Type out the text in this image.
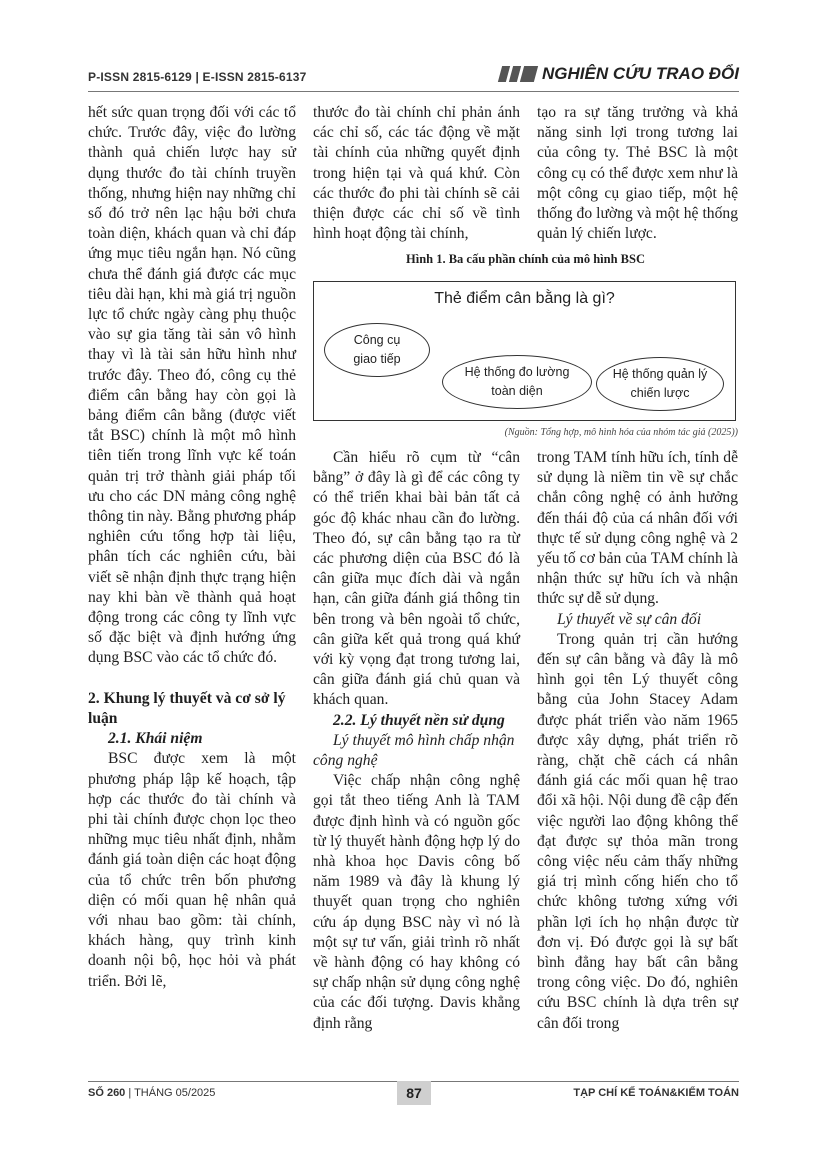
P-ISSN 2815-6129 | E-ISSN 2815-6137	NGHIÊN CỨU TRAO ĐỔI

hết sức quan trọng đối với các tổ chức. Trước đây, việc đo lường thành quả chiến lược hay sử dụng thước đo tài chính truyền thống, nhưng hiện nay những chỉ số đó trở nên lạc hậu bởi chưa toàn diện, khách quan và chỉ đáp ứng mục tiêu ngắn hạn. Nó cũng chưa thể đánh giá được các mục tiêu dài hạn, khi mà giá trị nguồn lực tổ chức ngày càng phụ thuộc vào sự gia tăng tài sản vô hình thay vì là tài sản hữu hình như trước đây. Theo đó, công cụ thẻ điểm cân bằng hay còn gọi là bảng điểm cân bằng (được viết tắt BSC) chính là một mô hình tiên tiến trong lĩnh vực kế toán quản trị trở thành giải pháp tối ưu cho các DN mảng công nghệ thông tin này. Bằng phương pháp nghiên cứu tổng hợp tài liệu, phân tích các nghiên cứu, bài viết sẽ nhận định thực trạng hiện nay khi bàn về thành quả hoạt động trong các công ty lĩnh vực số đặc biệt và định hướng ứng dụng BSC vào các tổ chức đó.

2. Khung lý thuyết và cơ sở lý luận

2.1. Khái niệm

BSC được xem là một phương pháp lập kế hoạch, tập hợp các thước đo tài chính và phi tài chính được chọn lọc theo những mục tiêu nhất định, nhằm đánh giá toàn diện các hoạt động của tổ chức trên bốn phương diện có mối quan hệ nhân quả với nhau bao gồm: tài chính, khách hàng, quy trình kinh doanh nội bộ, học hỏi và phát triển. Bởi lẽ,

thước đo tài chính chỉ phản ánh các chỉ số, các tác động về mặt tài chính của những quyết định trong hiện tại và quá khứ. Còn các thước đo phi tài chính sẽ cải thiện được các chỉ số về tình hình hoạt động tài chính,

tạo ra sự tăng trưởng và khả năng sinh lợi trong tương lai của công ty. Thẻ BSC là một công cụ có thể được xem như là một công cụ giao tiếp, một hệ thống đo lường và một hệ thống quản lý chiến lược.

Hình 1. Ba cấu phần chính của mô hình BSC
Thẻ điểm cân bằng là gì?
Công cụ giao tiếp
Hệ thống đo lường toàn diện
Hệ thống quản lý chiến lược
(Nguồn: Tổng hợp, mô hình hóa của nhóm tác giả (2025))

Cần hiểu rõ cụm từ “cân bằng” ở đây là gì để các công ty có thể triển khai bài bản tất cả góc độ khác nhau cần đo lường. Theo đó, sự cân bằng tạo ra từ các phương diện của BSC đó là cân giữa mục đích dài và ngắn hạn, cân giữa đánh giá thông tin bên trong và bên ngoài tổ chức, cân giữa kết quả trong quá khứ với kỳ vọng đạt trong tương lai, cân giữa đánh giá chủ quan và khách quan.

2.2. Lý thuyết nền sử dụng

Lý thuyết mô hình chấp nhận công nghệ

Việc chấp nhận công nghệ gọi tắt theo tiếng Anh là TAM được định hình và có nguồn gốc từ lý thuyết hành động hợp lý do nhà khoa học Davis công bố năm 1989 và đây là khung lý thuyết quan trọng cho nghiên cứu áp dụng BSC này vì nó là một sự tư vấn, giải trình rõ nhất về hành động có hay không có sự chấp nhận sử dụng công nghệ của các đối tượng. Davis khẳng định rằng

trong TAM tính hữu ích, tính dễ sử dụng là niềm tin về sự chắc chắn công nghệ có ảnh hưởng đến thái độ của cá nhân đối với thực tế sử dụng công nghệ và 2 yếu tố cơ bản của TAM chính là nhận thức sự hữu ích và nhận thức sự dễ sử dụng.

Lý thuyết về sự cân đối

Trong quản trị cần hướng đến sự cân bằng và đây là mô hình gọi tên Lý thuyết công bằng của John Stacey Adam được phát triển vào năm 1965 được xây dựng, phát triển rõ ràng, chặt chẽ cách cá nhân đánh giá các mối quan hệ trao đổi xã hội. Nội dung đề cập đến việc người lao động không thể đạt được sự thỏa mãn trong công việc nếu cảm thấy những giá trị mình cống hiến cho tổ chức không tương xứng với phần lợi ích họ nhận được từ đơn vị. Đó được gọi là sự bất bình đẳng hay bất cân bằng trong công việc. Do đó, nghiên cứu BSC chính là dựa trên sự cân đối trong

SỐ 260 | THÁNG 05/2025	87	TẠP CHÍ KẾ TOÁN&KIỂM TOÁN
